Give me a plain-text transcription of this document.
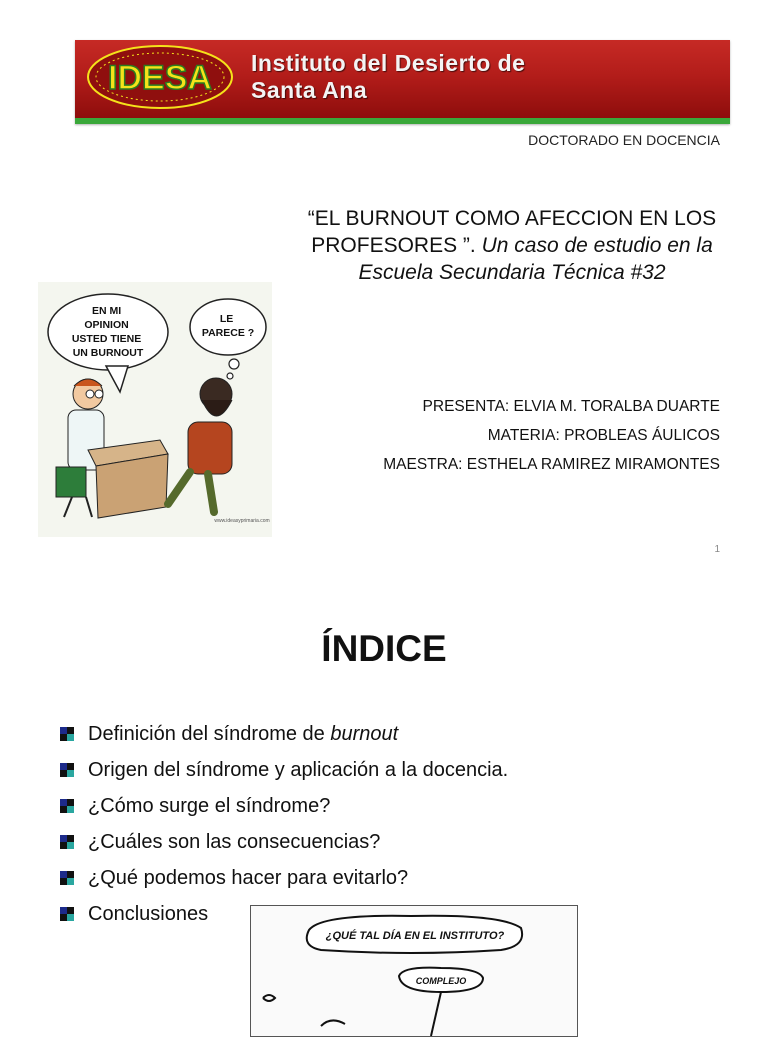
IDESA Instituto del Desierto de
Santa Ana
DOCTORADO EN DOCENCIA
“EL BURNOUT COMO AFECCION EN LOS PROFESORES ”. Un caso de estudio en la Escuela Secundaria Técnica #32
EN MI OPINION USTED TIENE UN BURNOUT
LE PARECE ?
www.ideasyprimaria.com
PRESENTA: ELVIA M. TORALBA DUARTE
MATERIA: PROBLEAS ÁULICOS
MAESTRA: ESTHELA RAMIREZ MIRAMONTES
1
ÍNDICE
Definición del síndrome de burnout
Origen del síndrome y aplicación a la docencia.
¿Cómo surge el síndrome?
¿Cuáles son las consecuencias?
¿Qué podemos hacer para evitarlo?
Conclusiones
¿QUÉ TAL DÍA EN EL INSTITUTO?
COMPLEJO
